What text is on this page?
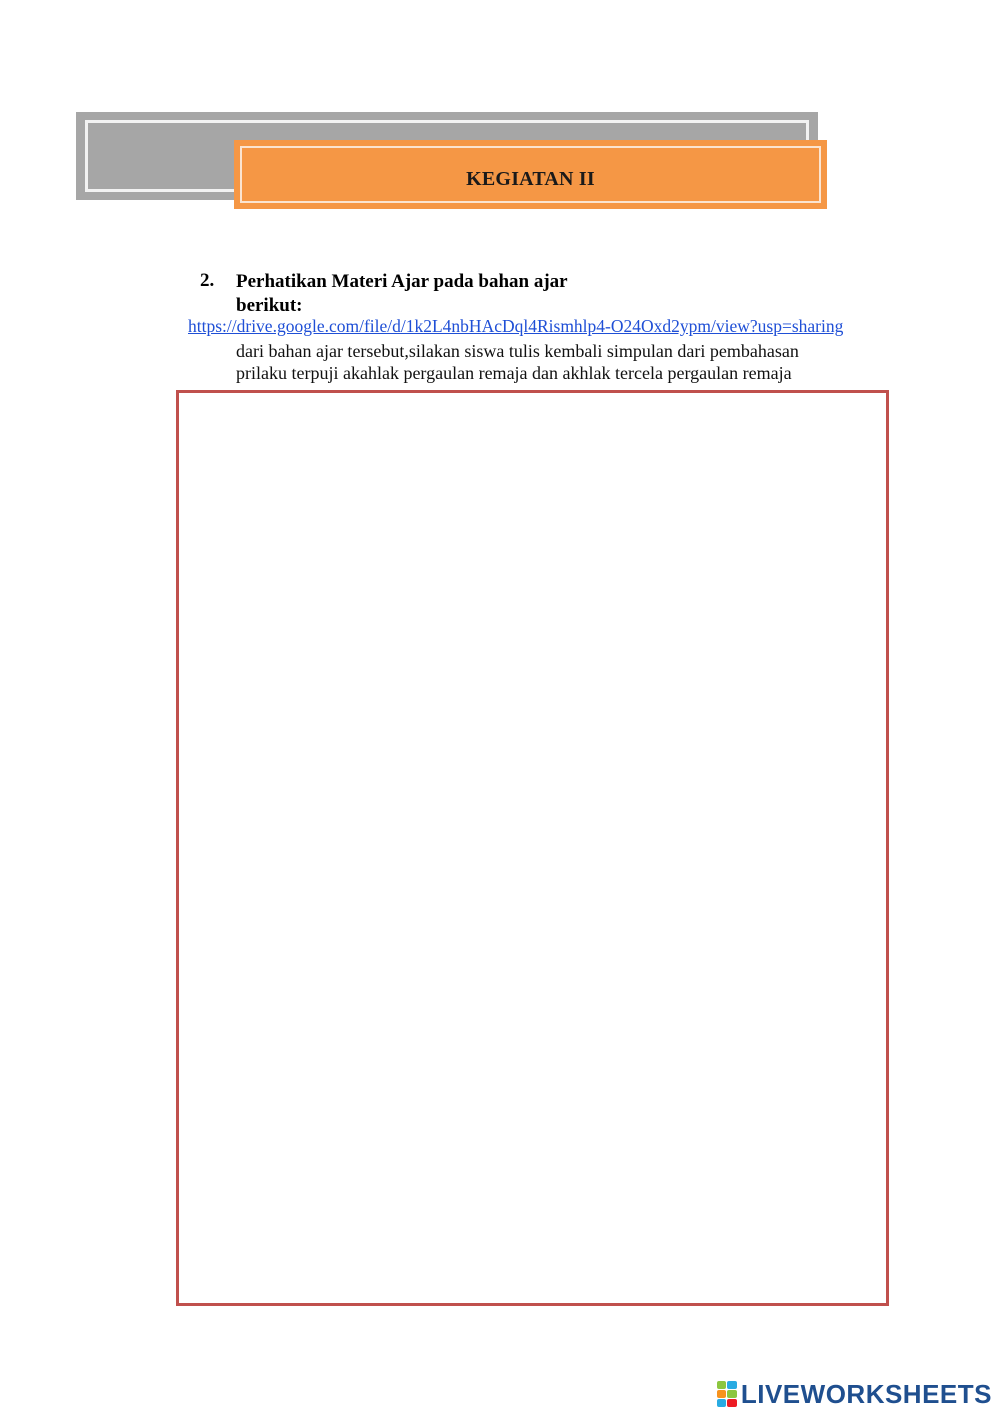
KEGIATAN II
2. Perhatikan Materi Ajar pada bahan ajar berikut:
https://drive.google.com/file/d/1k2L4nbHAcDql4Rismhlp4-O24Oxd2ypm/view?usp=sharing
dari bahan ajar tersebut,silakan siswa tulis kembali simpulan dari pembahasan
prilaku terpuji akahlak pergaulan remaja dan akhlak tercela pergaulan remaja
LIVEWORKSHEETS
